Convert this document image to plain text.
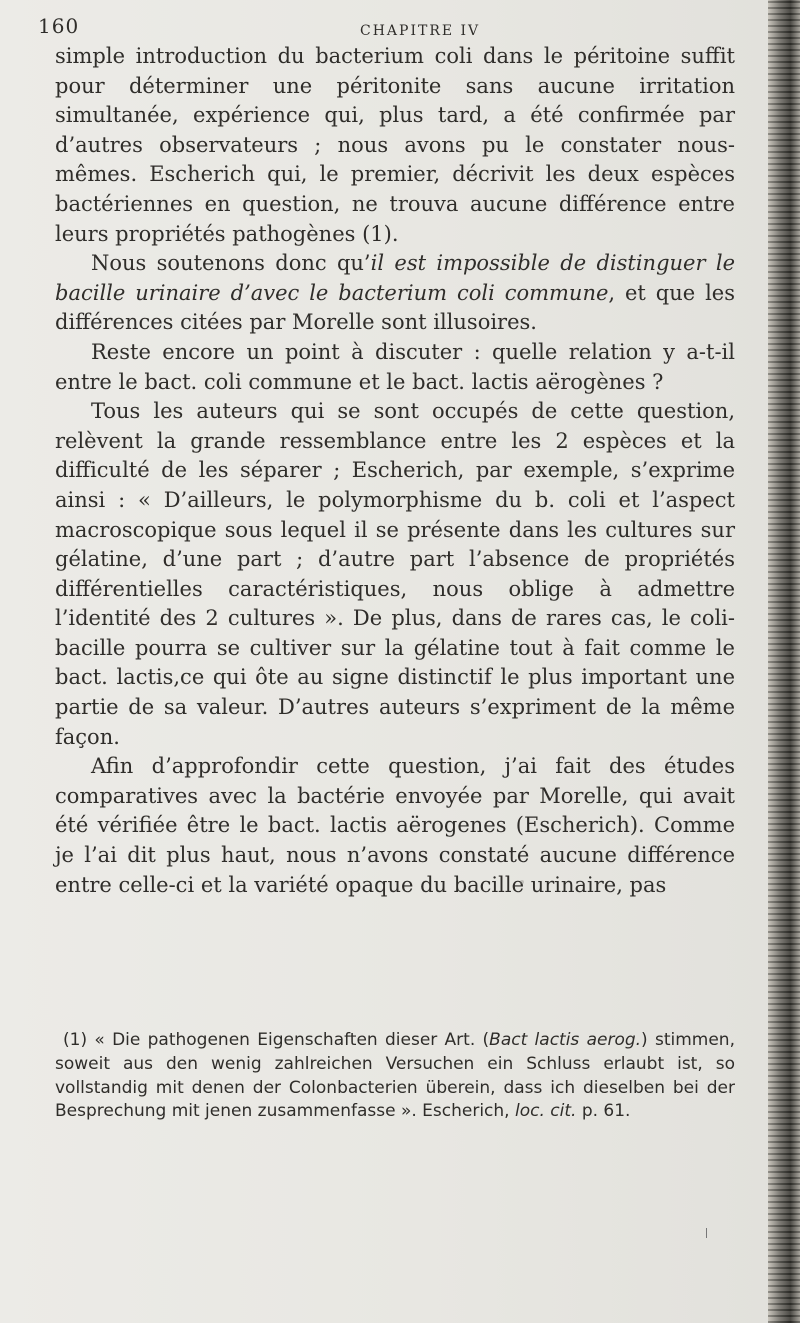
160	CHAPITRE IV

simple introduction du bacterium coli dans le péritoine suffit pour déterminer une péritonite sans aucune irritation simultanée, expérience qui, plus tard, a été confirmée par d’autres observateurs ; nous avons pu le constater nous-mêmes. Escherich qui, le premier, décrivit les deux espèces bactériennes en question, ne trouva aucune différence entre leurs propriétés pathogènes (1).

Nous soutenons donc qu’il est impossible de distinguer le bacille urinaire d’avec le bacterium coli commune, et que les différences citées par Morelle sont illusoires.

Reste encore un point à discuter : quelle relation y a-t-il entre le bact. coli commune et le bact. lactis aërogènes ?

Tous les auteurs qui se sont occupés de cette question, relèvent la grande ressemblance entre les 2 espèces et la difficulté de les séparer ; Escherich, par exemple, s’exprime ainsi : « D’ailleurs, le polymorphisme du b. coli et l’aspect macroscopique sous lequel il se présente dans les cultures sur gélatine, d’une part ; d’autre part l’absence de propriétés différentielles caractéristiques, nous oblige à admettre l’identité des 2 cultures ». De plus, dans de rares cas, le coli-bacille pourra se cultiver sur la gélatine tout à fait comme le bact. lactis,ce qui ôte au signe distinctif le plus important une partie de sa valeur. D’autres auteurs s’expriment de la même façon.

Afin d’approfondir cette question, j’ai fait des études comparatives avec la bactérie envoyée par Morelle, qui avait été vérifiée être le bact. lactis aërogenes (Escherich). Comme je l’ai dit plus haut, nous n’avons constaté aucune différence entre celle-ci et la variété opaque du bacille urinaire, pas

(1) « Die pathogenen Eigenschaften dieser Art. (Bact lactis aerog.) stimmen, soweit aus den wenig zahlreichen Versuchen ein Schluss erlaubt ist, so vollstandig mit denen der Colonbacterien überein, dass ich dieselben bei der Besprechung mit jenen zusammenfasse ». Escherich, loc. cit. p. 61.
